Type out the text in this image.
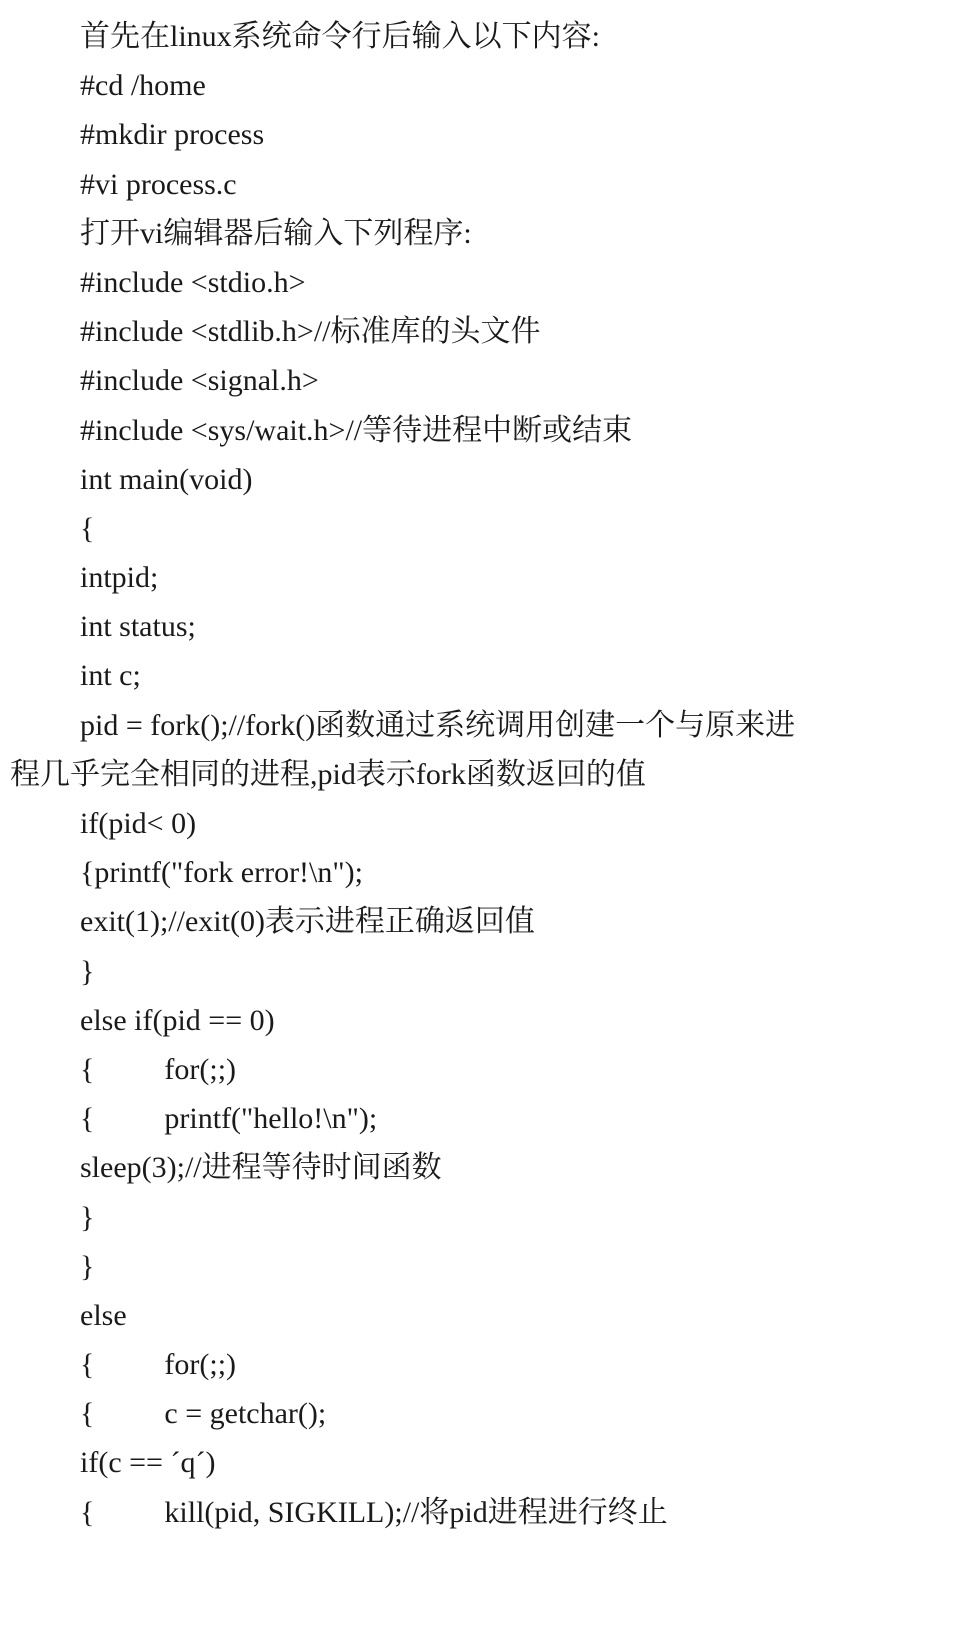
首先在linux系统命令行后输入以下内容:
#cd /home
#mkdir process
#vi process.c
打开vi编辑器后输入下列程序:
#include <stdio.h>
#include <stdlib.h>//标准库的头文件
#include <signal.h>
#include <sys/wait.h>//等待进程中断或结束
int main(void)
{
intpid;
int status;
int c;
pid = fork();//fork()函数通过系统调用创建一个与原来进
程几乎完全相同的进程,pid表示fork函数返回的值
if(pid< 0)
{printf("fork error!\n");
exit(1);//exit(0)表示进程正确返回值
}
else if(pid == 0)
{ for(;;)
{ printf("hello!\n");
sleep(3);//进程等待时间函数
}
}
else
{ for(;;)
{ c = getchar();
if(c == ´q´)
{ kill(pid, SIGKILL);//将pid进程进行终止
